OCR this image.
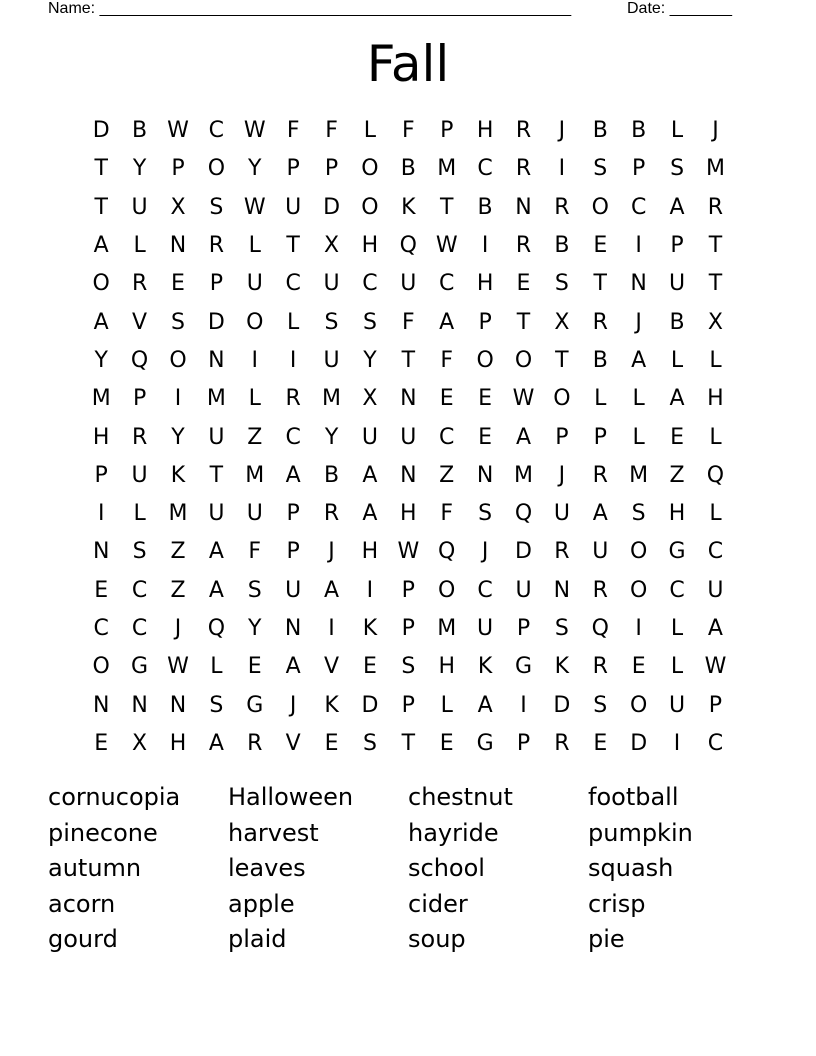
Name: _____________________________________________________	Date: _______
Fall
D	B W C W F	F	L	F	P	H	R	J	B	B	L	J
T	Y	P	O	Y	P	P	O	B M C	R	I	S	P	S M
T	U	X	S W U D O	K	T	B	N	R	O	C	A	R
A	L	N	R	L	T	X	H Q W	I	R	B	E	I	P	T
O	R	E	P	U	C	U	C	U	C	H	E	S	T	N	U	T
A	V	S	D O	L	S	S	F	A	P	T	X	R	J	B	X
Y	Q O N	I	I	U	Y	T	F	O O	T	B	A	L	L
M	P	I	M	L	R M X	N	E	E W O	L	L	A	H
H	R	Y	U	Z	C	Y	U	U	C	E	A	P	P	L	E	L
P	U	K	T	M A	B	A	N	Z	N M	J	R M Z	Q
I	L	M U	U	P	R	A	H	F	S	Q U	A	S	H	L
N	S	Z	A	F	P	J	H W Q	J	D	R	U O G	C
E	C	Z	A	S	U	A	I	P	O	C	U	N	R	O	C	U
C	C	J	Q	Y	N	I	K	P	M U	P	S	Q	I	L	A
O G W L	E	A	V	E	S	H	K	G	K	R	E	L W
N N N	S	G	J	K	D	P	L	A	I	D	S	O U	P
E	X	H	A	R	V	E	S	T	E	G	P	R	E	D	I	C
cornucopia	Halloween	chestnut	football
pinecone	harvest	hayride	pumpkin
autumn	leaves	school	squash
acorn	apple	cider	crisp
gourd	plaid	soup	pie
